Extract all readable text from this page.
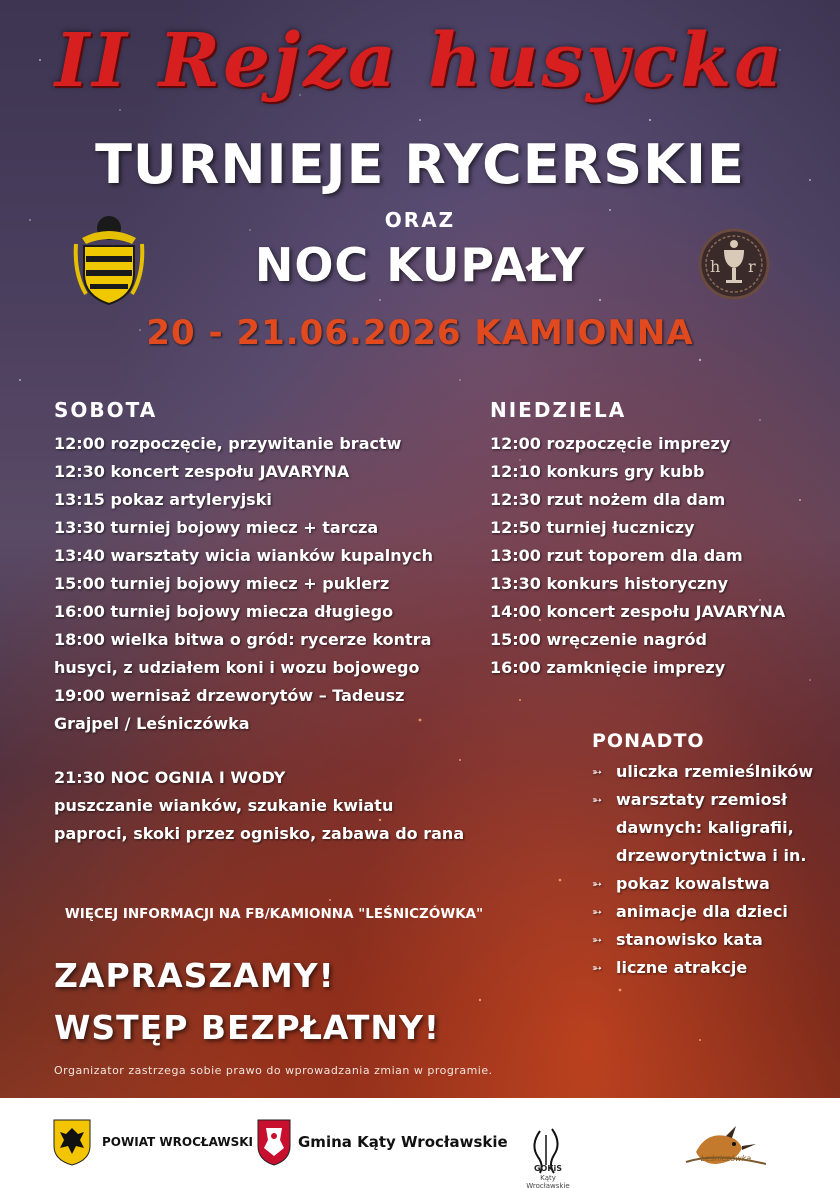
II Rejza husycka
TURNIEJE RYCERSKIE
ORAZ
NOC KUPAŁY
20 - 21.06.2026 KAMIONNA
h r
SOBOTA
12:00 rozpoczęcie, przywitanie bractw
12:30 koncert zespołu JAVARYNA
13:15 pokaz artyleryjski
13:30 turniej bojowy miecz + tarcza
13:40 warsztaty wicia wianków kupalnych
15:00 turniej bojowy miecz + puklerz
16:00 turniej bojowy miecza długiego
18:00 wielka bitwa o gród: rycerze kontra
husyci, z udziałem koni i wozu bojowego
19:00 wernisaż drzeworytów – Tadeusz
Grajpel / Leśniczówka
21:30 NOC OGNIA I WODY
puszczanie wianków, szukanie kwiatu
paproci, skoki przez ognisko, zabawa do rana
NIEDZIELA
12:00 rozpoczęcie imprezy
12:10 konkurs gry kubb
12:30 rzut nożem dla dam
12:50 turniej łuczniczy
13:00 rzut toporem dla dam
13:30 konkurs historyczny
14:00 koncert zespołu JAVARYNA
15:00 wręczenie nagród
16:00 zamknięcie imprezy
PONADTO
➳ uliczka rzemieślników
➳ warsztaty rzemiosł
dawnych: kaligrafii,
drzeworytnictwa i in.
➳ pokaz kowalstwa
➳ animacje dla dzieci
➳ stanowisko kata
➳ liczne atrakcje
WIĘCEJ INFORMACJI NA FB/KAMIONNA "LEŚNICZÓWKA"
ZAPRASZAMY!
WSTĘP BEZPŁATNY!
Organizator zastrzega sobie prawo do wprowadzania zmian w programie.
POWIAT WROCŁAWSKI	Gmina Kąty Wrocławskie
GOKiS
Kąty Wrocławskie
Leśniczówka
